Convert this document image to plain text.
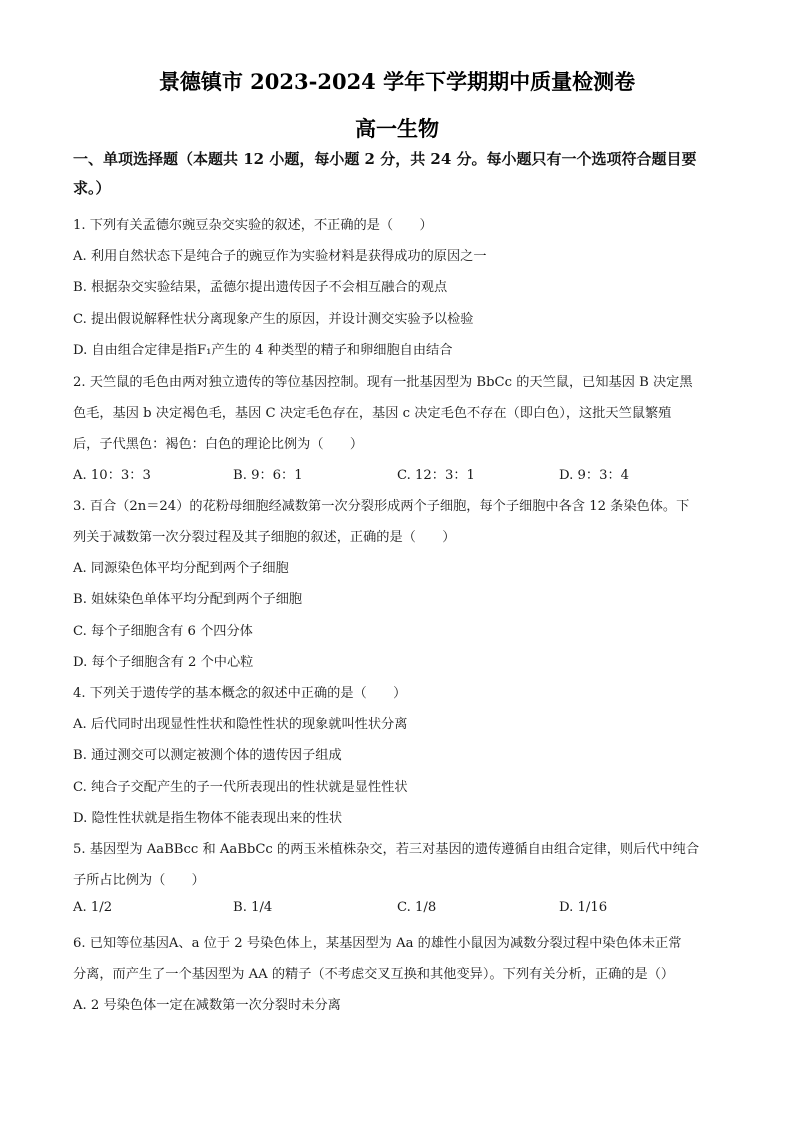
景德镇市 2023-2024 学年下学期期中质量检测卷
高一生物
一、单项选择题（本题共 12 小题，每小题 2 分，共 24 分。每小题只有一个选项符合题目要
求。）
1. 下列有关孟德尔豌豆杂交实验的叙述，不正确的是（　　）
A. 利用自然状态下是纯合子的豌豆作为实验材料是获得成功的原因之一
B. 根据杂交实验结果，孟德尔提出遗传因子不会相互融合的观点
C. 提出假说解释性状分离现象产生的原因，并设计测交实验予以检验
D. 自由组合定律是指F₁产生的 4 种类型的精子和卵细胞自由结合
2. 天竺鼠的毛色由两对独立遗传的等位基因控制。现有一批基因型为 BbCc 的天竺鼠，已知基因 B 决定黑
色毛，基因 b 决定褐色毛，基因 C 决定毛色存在，基因 c 决定毛色不存在（即白色），这批天竺鼠繁殖
后，子代黑色：褐色：白色的理论比例为（　　）
A. 10：3：3	B. 9：6：1	C. 12：3：1	D. 9：3：4
3. 百合（2n＝24）的花粉母细胞经减数第一次分裂形成两个子细胞，每个子细胞中各含 12 条染色体。下
列关于减数第一次分裂过程及其子细胞的叙述，正确的是（　　）
A. 同源染色体平均分配到两个子细胞
B. 姐妹染色单体平均分配到两个子细胞
C. 每个子细胞含有 6 个四分体
D. 每个子细胞含有 2 个中心粒
4. 下列关于遗传学的基本概念的叙述中正确的是（　　）
A. 后代同时出现显性性状和隐性性状的现象就叫性状分离
B. 通过测交可以测定被测个体的遗传因子组成
C. 纯合子交配产生的子一代所表现出的性状就是显性性状
D. 隐性性状就是指生物体不能表现出来的性状
5. 基因型为 AaBBcc 和 AaBbCc 的两玉米植株杂交，若三对基因的遗传遵循自由组合定律，则后代中纯合
子所占比例为（　　）
A. 1/2	B. 1/4	C. 1/8	D. 1/16
6. 已知等位基因A、a 位于 2 号染色体上，某基因型为 Aa 的雄性小鼠因为减数分裂过程中染色体未正常
分离，而产生了一个基因型为 AA 的精子（不考虑交叉互换和其他变异）。下列有关分析，正确的是（）
A. 2 号染色体一定在减数第一次分裂时未分离
